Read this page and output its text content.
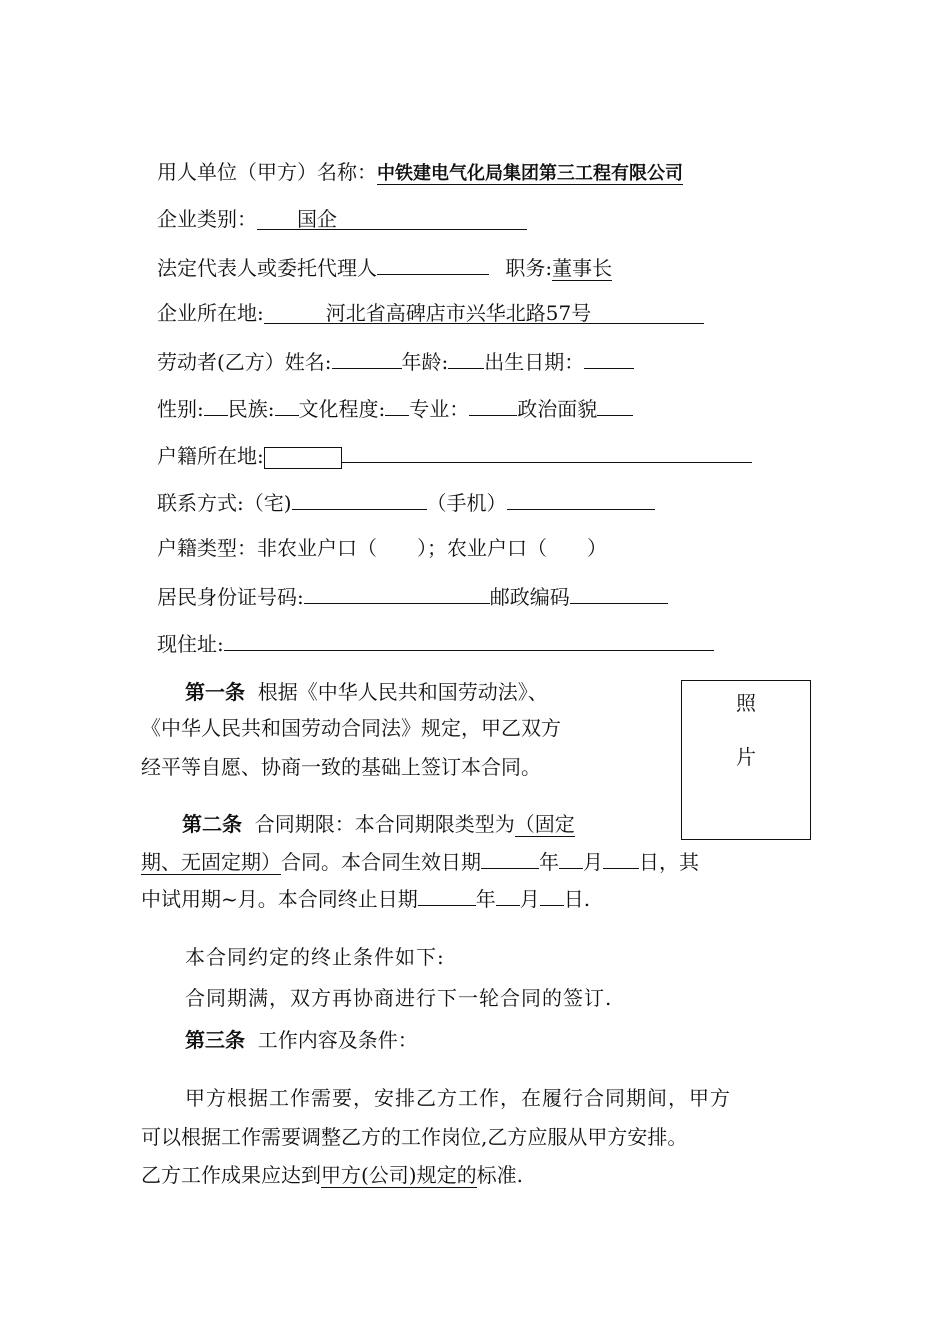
用人单位（甲方）名称：中铁建电气化局集团第三工程有限公司
企业类别： 国企
法定代表人或委托代理人	职务:董事长
企业所在地:	河北省高碑店市兴华北路57号
劳动者(乙方）姓名:	年龄: 出生日期：
性别: 民族: 文化程度: 专业： 政治面貌
户籍所在地:
联系方式:（宅)	（手机）
户籍类型：非农业户口（　　）；农业户口（　　）
居民身份证号码:	邮政编码
现住址:
照
片
第一条 根据《中华人民共和国劳动法》、
《中华人民共和国劳动合同法》规定，甲乙双方
经平等自愿、协商一致的基础上签订本合同。
第二条 合同期限：本合同期限类型为（固定
期、无固定期）合同。本合同生效日期	年 月 日，其
中试用期~月。本合同终止日期	年 月 日.
本合同约定的终止条件如下:
合同期满，双方再协商进行下一轮合同的签订.
第三条 工作内容及条件：
甲方根据工作需要，安排乙方工作，在履行合同期间，甲方
可以根据工作需要调整乙方的工作岗位,乙方应服从甲方安排。
乙方工作成果应达到甲方(公司)规定的标准.
